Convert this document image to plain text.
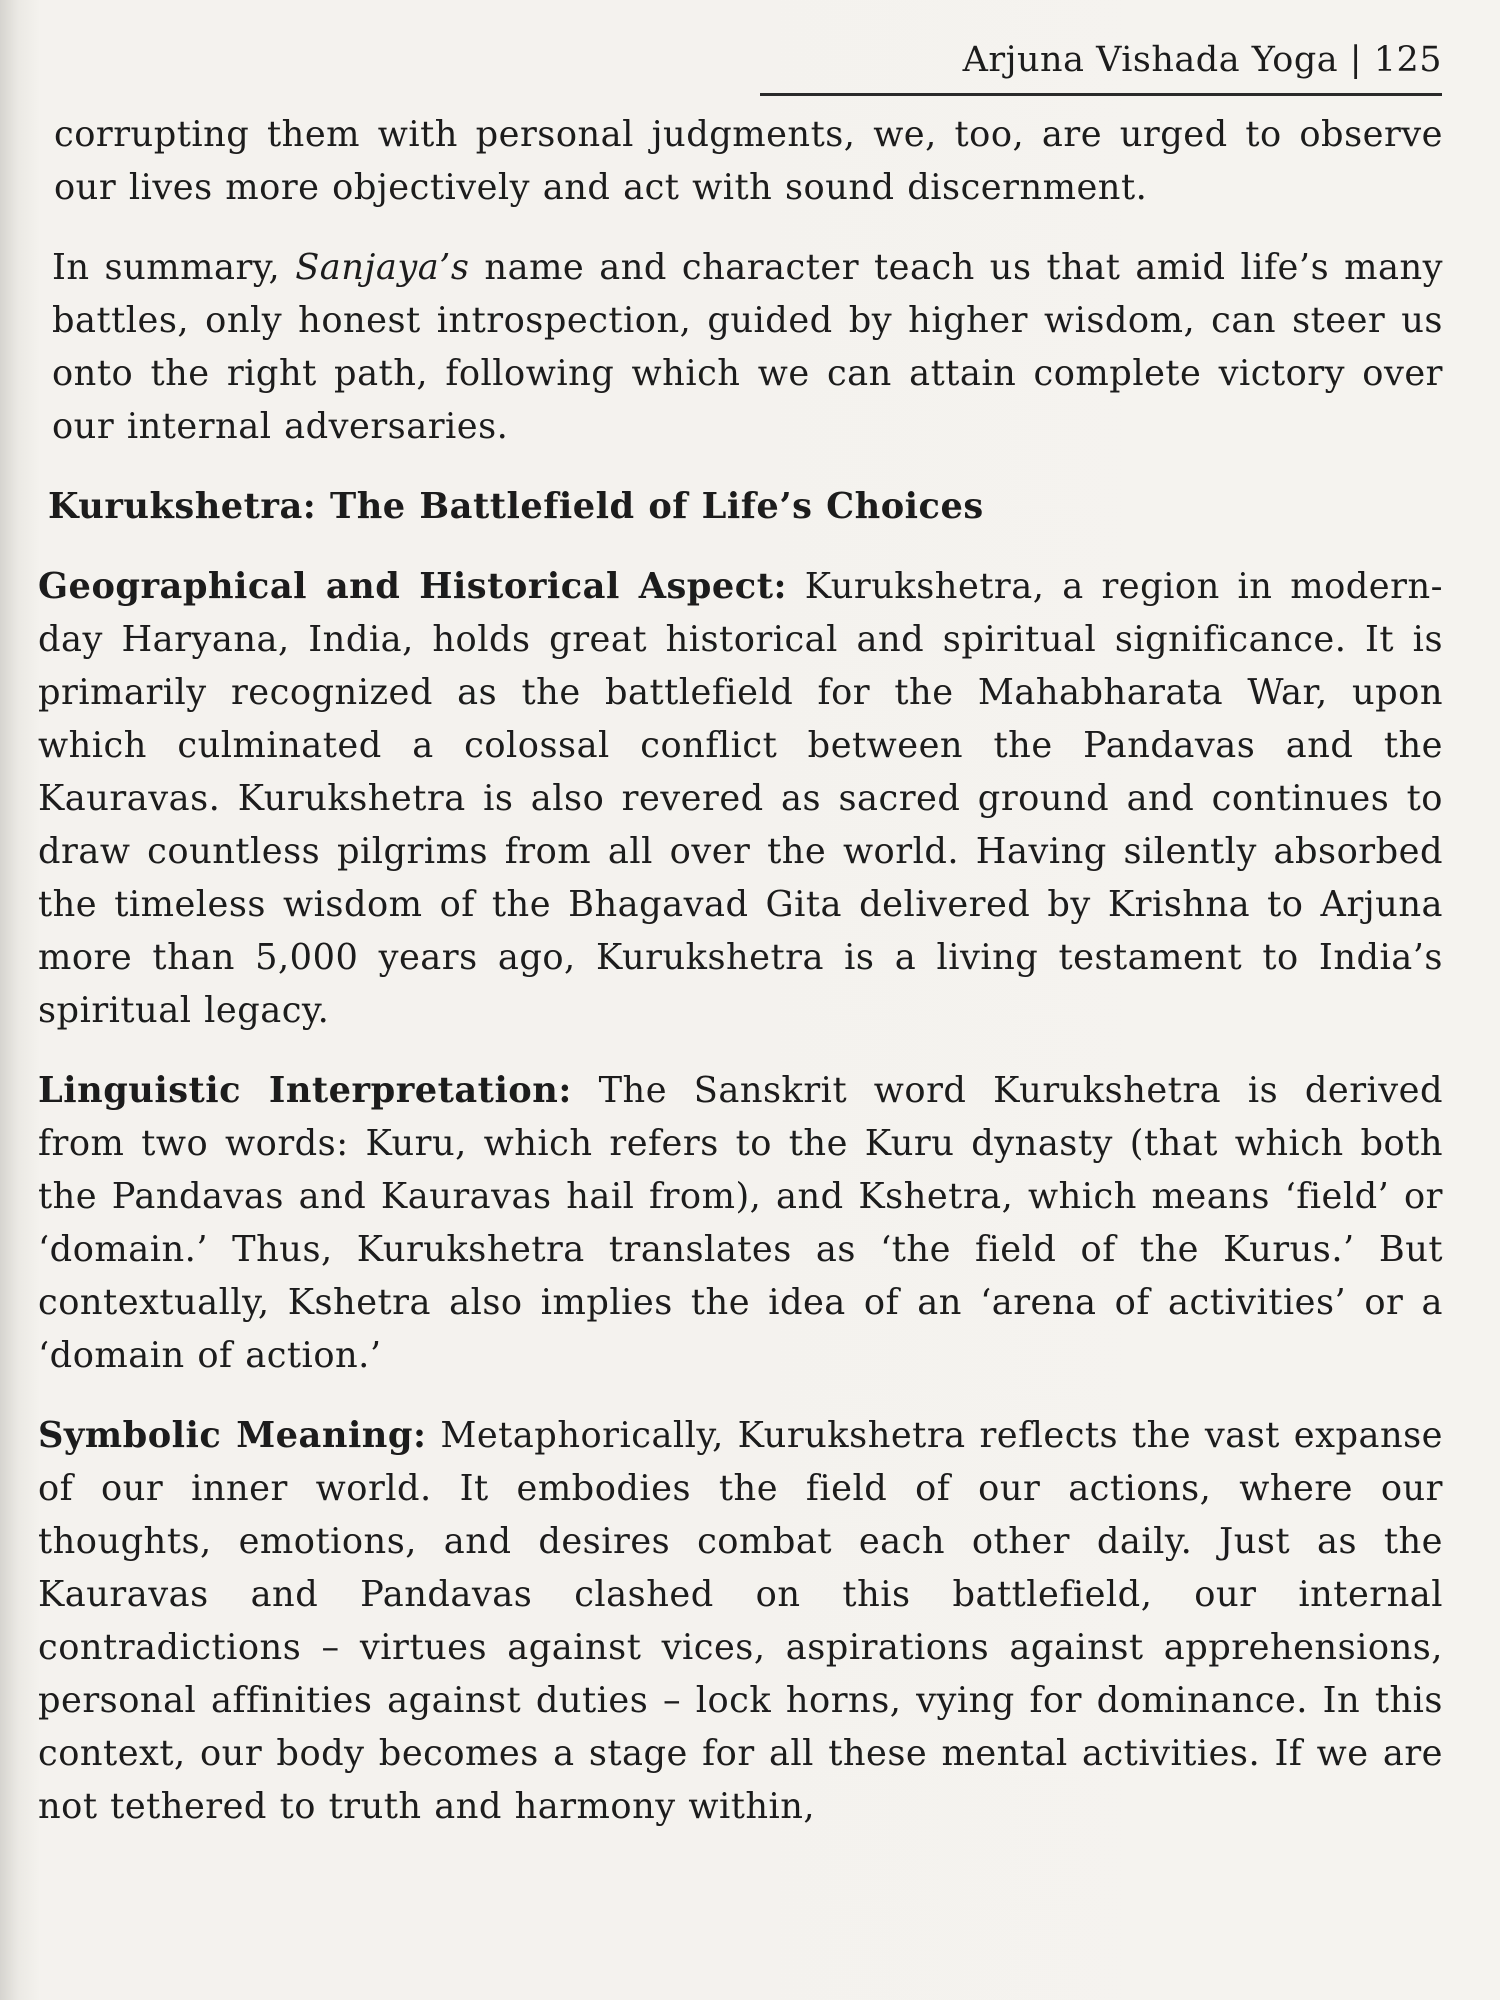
Arjuna Vishada Yoga | 125

corrupting them with personal judgments, we, too, are urged to observe our lives more objectively and act with sound discernment.

In summary, Sanjaya’s name and character teach us that amid life’s many battles, only honest introspection, guided by higher wisdom, can steer us onto the right path, following which we can attain complete victory over our internal adversaries.

Kurukshetra: The Battlefield of Life’s Choices

Geographical and Historical Aspect: Kurukshetra, a region in modern-day Haryana, India, holds great historical and spiritual significance. It is primarily recognized as the battlefield for the Mahabharata War, upon which culminated a colossal conflict between the Pandavas and the Kauravas. Kurukshetra is also revered as sacred ground and continues to draw countless pilgrims from all over the world. Having silently absorbed the timeless wisdom of the Bhagavad Gita delivered by Krishna to Arjuna more than 5,000 years ago, Kurukshetra is a living testament to India’s spiritual legacy.

Linguistic Interpretation: The Sanskrit word Kurukshetra is derived from two words: Kuru, which refers to the Kuru dynasty (that which both the Pandavas and Kauravas hail from), and Kshetra, which means ‘field’ or ‘domain.’ Thus, Kurukshetra translates as ‘the field of the Kurus.’ But contextually, Kshetra also implies the idea of an ‘arena of activities’ or a ‘domain of action.’

Symbolic Meaning: Metaphorically, Kurukshetra reflects the vast expanse of our inner world. It embodies the field of our actions, where our thoughts, emotions, and desires combat each other daily. Just as the Kauravas and Pandavas clashed on this battlefield, our internal contradictions – virtues against vices, aspirations against apprehensions, personal affinities against duties – lock horns, vying for dominance. In this context, our body becomes a stage for all these mental activities. If we are not tethered to truth and harmony within,
